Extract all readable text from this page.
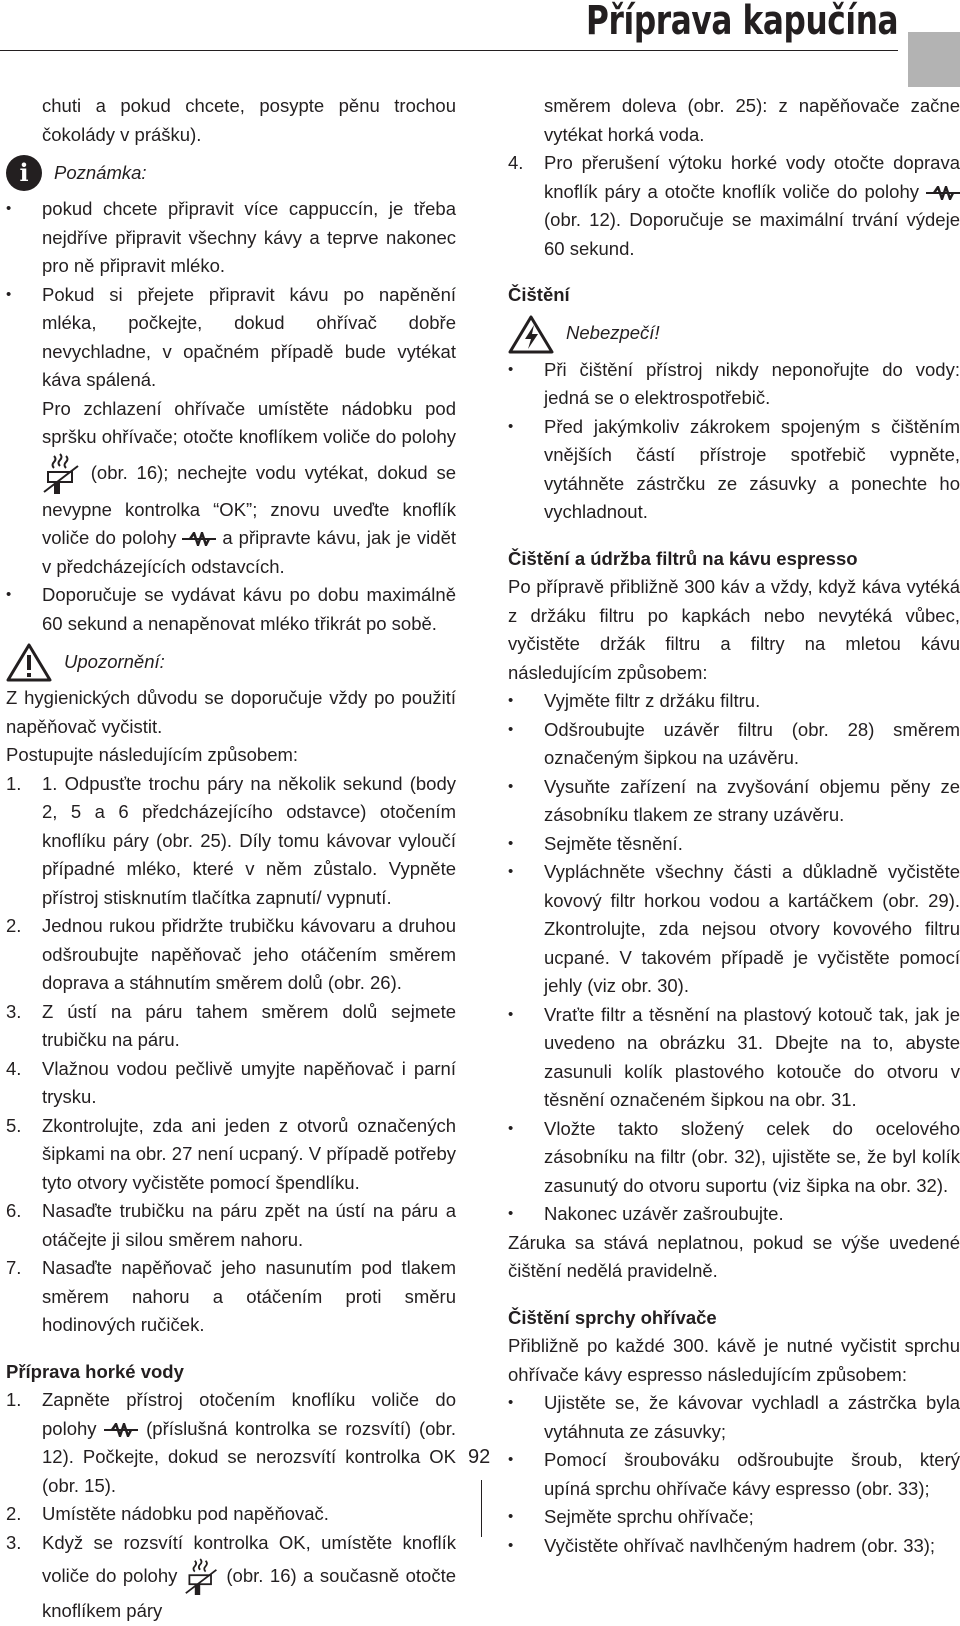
Příprava kapučína

chuti a pokud chcete, posypte pěnu trochou čokolády v prášku).

i	Poznámka:

• pokud chcete připravit více cappuccín, je třeba nejdříve připravit všechny kávy a teprve nakonec pro ně připravit mléko.

• Pokud si přejete připravit kávu po napěnění mléka, počkejte, dokud ohřívač dobře nevychladne, v opačném případě bude vytékat káva spálená.

Pro zchlazení ohřívače umístěte nádobku pod spršku ohřívače; otočte knoflíkem voliče do polohy  (obr. 16); nechejte vodu vytékat, dokud se nevypne kontrolka “OK”; znovu uveďte knoflík voliče do polohy a připravte kávu, jak je vidět v předcházejících odstavcích.

• Doporučuje se vydávat kávu po dobu maximálně 60 sekund a nenapěnovat mléko třikrát po sobě.

Upozornění:

Z hygienických důvodu se doporučuje vždy po použití napěňovač vyčistit.

Postupujte následujícím způsobem:

1. 1. Odpusťte trochu páry na několik sekund (body 2, 5 a 6 předcházejícího odstavce) otočením knoflíku páry (obr. 25). Díly tomu kávovar vyloučí případné mléko, které v něm zůstalo. Vypněte přístroj stisknutím tlačítka zapnutí/ vypnutí.

2. Jednou rukou přidržte trubičku kávovaru a druhou odšroubujte napěňovač jeho otáčením směrem doprava a stáhnutím směrem dolů (obr. 26).

3. Z ústí na páru tahem směrem dolů sejmete trubičku na páru.

4. Vlažnou vodou pečlivě umyjte napěňovač i parní trysku.

5. Zkontrolujte, zda ani jeden z otvorů označených šipkami na obr. 27 není ucpaný. V případě potřeby tyto otvory vyčistěte pomocí špendlíku.

6. Nasaďte trubičku na páru zpět na ústí na páru a otáčejte ji silou směrem nahoru.

7. Nasaďte napěňovač jeho nasunutím pod tlakem směrem nahoru a otáčením proti směru hodinových ručiček.

Příprava horké vody

1. Zapněte přístroj otočením knoflíku voliče do polohy	(příslušná kontrolka se rozsvítí) (obr. 12). Počkejte, dokud se nerozsvítí kontrolka OK (obr. 15).

2. Umístěte nádobku pod napěňovač.

3. Když se rozsvítí kontrolka OK, umístěte knoflík voliče do polohy	(obr. 16) a současně otočte knoflíkem páry

směrem doleva (obr. 25): z napěňovače začne vytékat horká voda.

4. Pro přerušení výtoku horké vody otočte doprava knoflík páry a otočte knoflík voliče do polohy  (obr. 12). Doporučuje se maximální trvání výdeje 60 sekund.

Čištění

Nebezpečí!

• Při čištění přístroj nikdy neponořujte do vody: jedná se o elektrospotřebič.

• Před jakýmkoliv zákrokem spojeným s čištěním vnějších částí přístroje spotřebič vypněte, vytáhněte zástrčku ze zásuvky a ponechte ho vychladnout.

Čištění a údržba filtrů na kávu espresso

Po přípravě přibližně 300 káv a vždy, když káva vytéká z držáku filtru po kapkách nebo nevytéká vůbec, vyčistěte držák filtru a filtry na mletou kávu následujícím způsobem:

• Vyjměte filtr z držáku filtru.

• Odšroubujte uzávěr filtru (obr. 28) směrem označeným šipkou na uzávěru.

• Vysuňte zařízení na zvyšování objemu pěny ze zásobníku tlakem ze strany uzávěru.

• Sejměte těsnění.

• Vypláchněte všechny části a důkladně vyčistěte kovový filtr horkou vodou a kartáčkem (obr. 29). Zkontrolujte, zda nejsou otvory kovového filtru ucpané. V takovém případě je vyčistěte pomocí jehly (viz obr. 30).

• Vraťte filtr a těsnění na plastový kotouč tak, jak je uvedeno na obrázku 31. Dbejte na to, abyste zasunuli kolík plastového kotouče do otvoru v těsnění označeném šipkou na obr. 31.

• Vložte takto složený celek do ocelového zásobníku na filtr (obr. 32), ujistěte se, že byl kolík zasunutý do otvoru suportu (viz šipka na obr. 32).

• Nakonec uzávěr zašroubujte.

Záruka sa stává neplatnou, pokud se výše uvedené čištění nedělá pravidelně.

Čištění sprchy ohřívače

Přibližně po každé 300. kávě je nutné vyčistit sprchu ohřívače kávy espresso následujícím způsobem:

• Ujistěte se, že kávovar vychladl a zástrčka byla vytáhnuta ze zásuvky;

• Pomocí šroubováku odšroubujte šroub, který upíná sprchu ohřívače kávy espresso (obr. 33);

• Sejměte sprchu ohřívače;

• Vyčistěte ohřívač navlhčeným hadrem (obr. 33);

92
